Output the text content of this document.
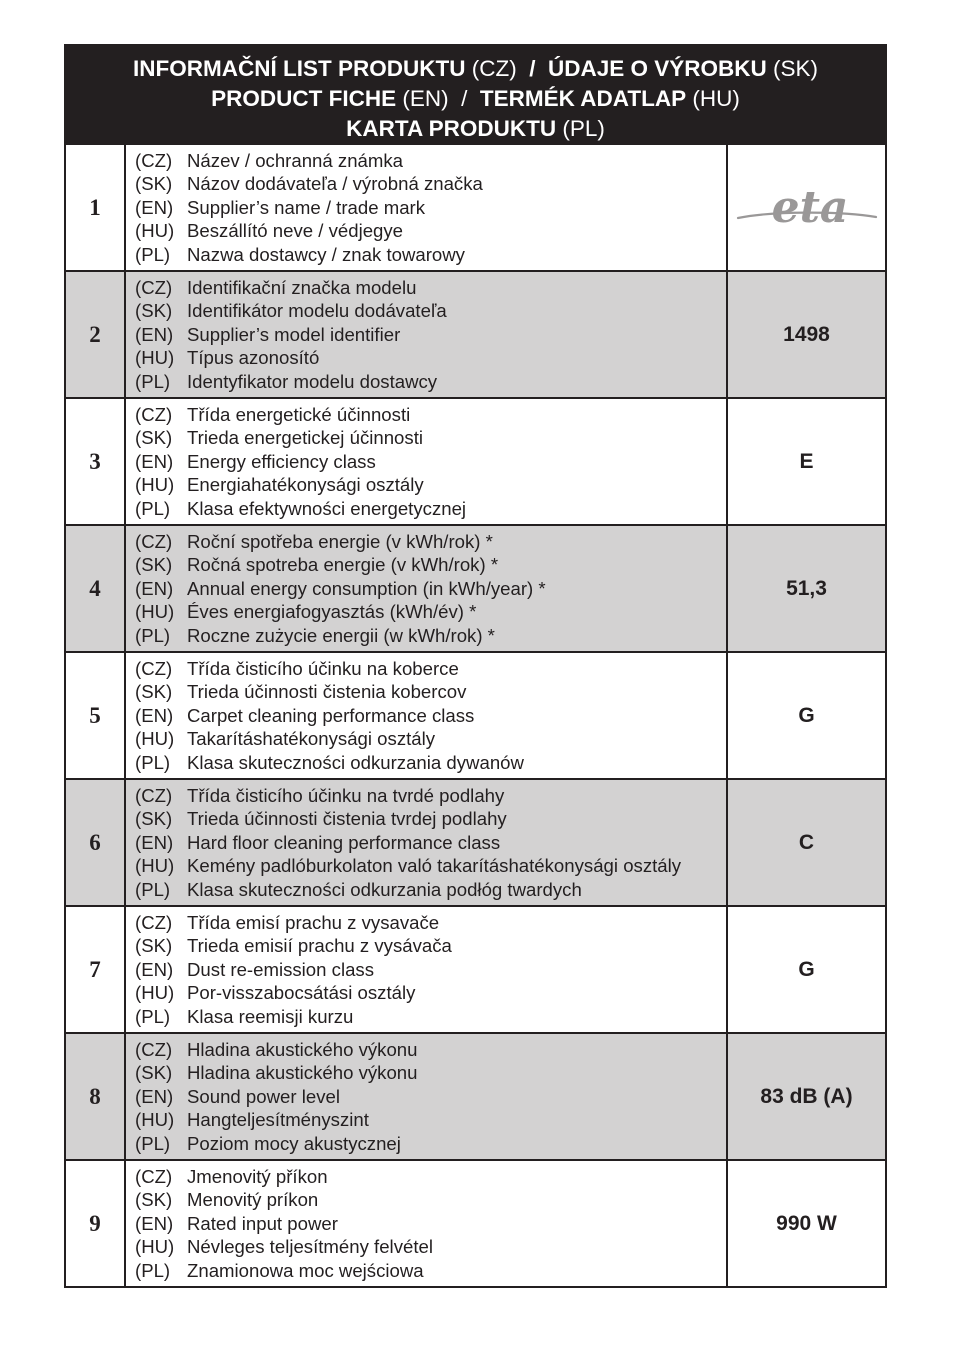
INFORMAČNÍ LIST PRODUKTU (CZ)  /  ÚDAJE O VÝROBKU (SK)
PRODUCT FICHE (EN)  /  TERMÉK ADATLAP (HU)
KARTA PRODUKTU (PL)
1	(CZ) Název / ochranná známka
(SK) Názov dodávateľa / výrobná značka
(EN) Supplier’s name / trade mark
(HU) Beszállító neve / védjegye
(PL) Nazwa dostawcy / znak towarowy	eta

2	(CZ) Identifikační značka modelu
(SK) Identifikátor modelu dodávateľa
(EN) Supplier’s model identifier
(HU) Típus azonosító
(PL) Identyfikator modelu dostawcy	1498
3	(CZ) Třída energetické účinnosti
(SK) Trieda energetickej účinnosti
(EN) Energy efficiency class
(HU) Energiahatékonysági osztály
(PL) Klasa efektywności energetycznej	E
4	(CZ) Roční spotřeba energie (v kWh/rok) *
(SK) Ročná spotreba energie (v kWh/rok) *
(EN) Annual energy consumption (in kWh/year) *
(HU) Éves energiafogyasztás (kWh/év) *
(PL) Roczne zużycie energii (w kWh/rok) *	51,3
5	(CZ) Třída čisticího účinku na koberce
(SK) Trieda účinnosti čistenia kobercov
(EN) Carpet cleaning performance class
(HU) Takarításhatékonysági osztály
(PL) Klasa skuteczności odkurzania dywanów	G
6	(CZ) Třída čisticího účinku na tvrdé podlahy
(SK) Trieda účinnosti čistenia tvrdej podlahy
(EN) Hard floor cleaning performance class
(HU) Kemény padlóburkolaton való takarításhatékonysági osztály
(PL) Klasa skuteczności odkurzania podłóg twardych	C
7	(CZ) Třída emisí prachu z vysavače
(SK) Trieda emisií prachu z vysávača
(EN) Dust re-emission class
(HU) Por-visszabocsátási osztály
(PL) Klasa reemisji kurzu	G
8	(CZ) Hladina akustického výkonu
(SK) Hladina akustického výkonu
(EN) Sound power level
(HU) Hangteljesítményszint
(PL) Poziom mocy akustycznej	83 dB (A)
9	(CZ) Jmenovitý příkon
(SK) Menovitý príkon
(EN) Rated input power
(HU) Névleges teljesítmény felvétel
(PL) Znamionowa moc wejściowa	990 W
